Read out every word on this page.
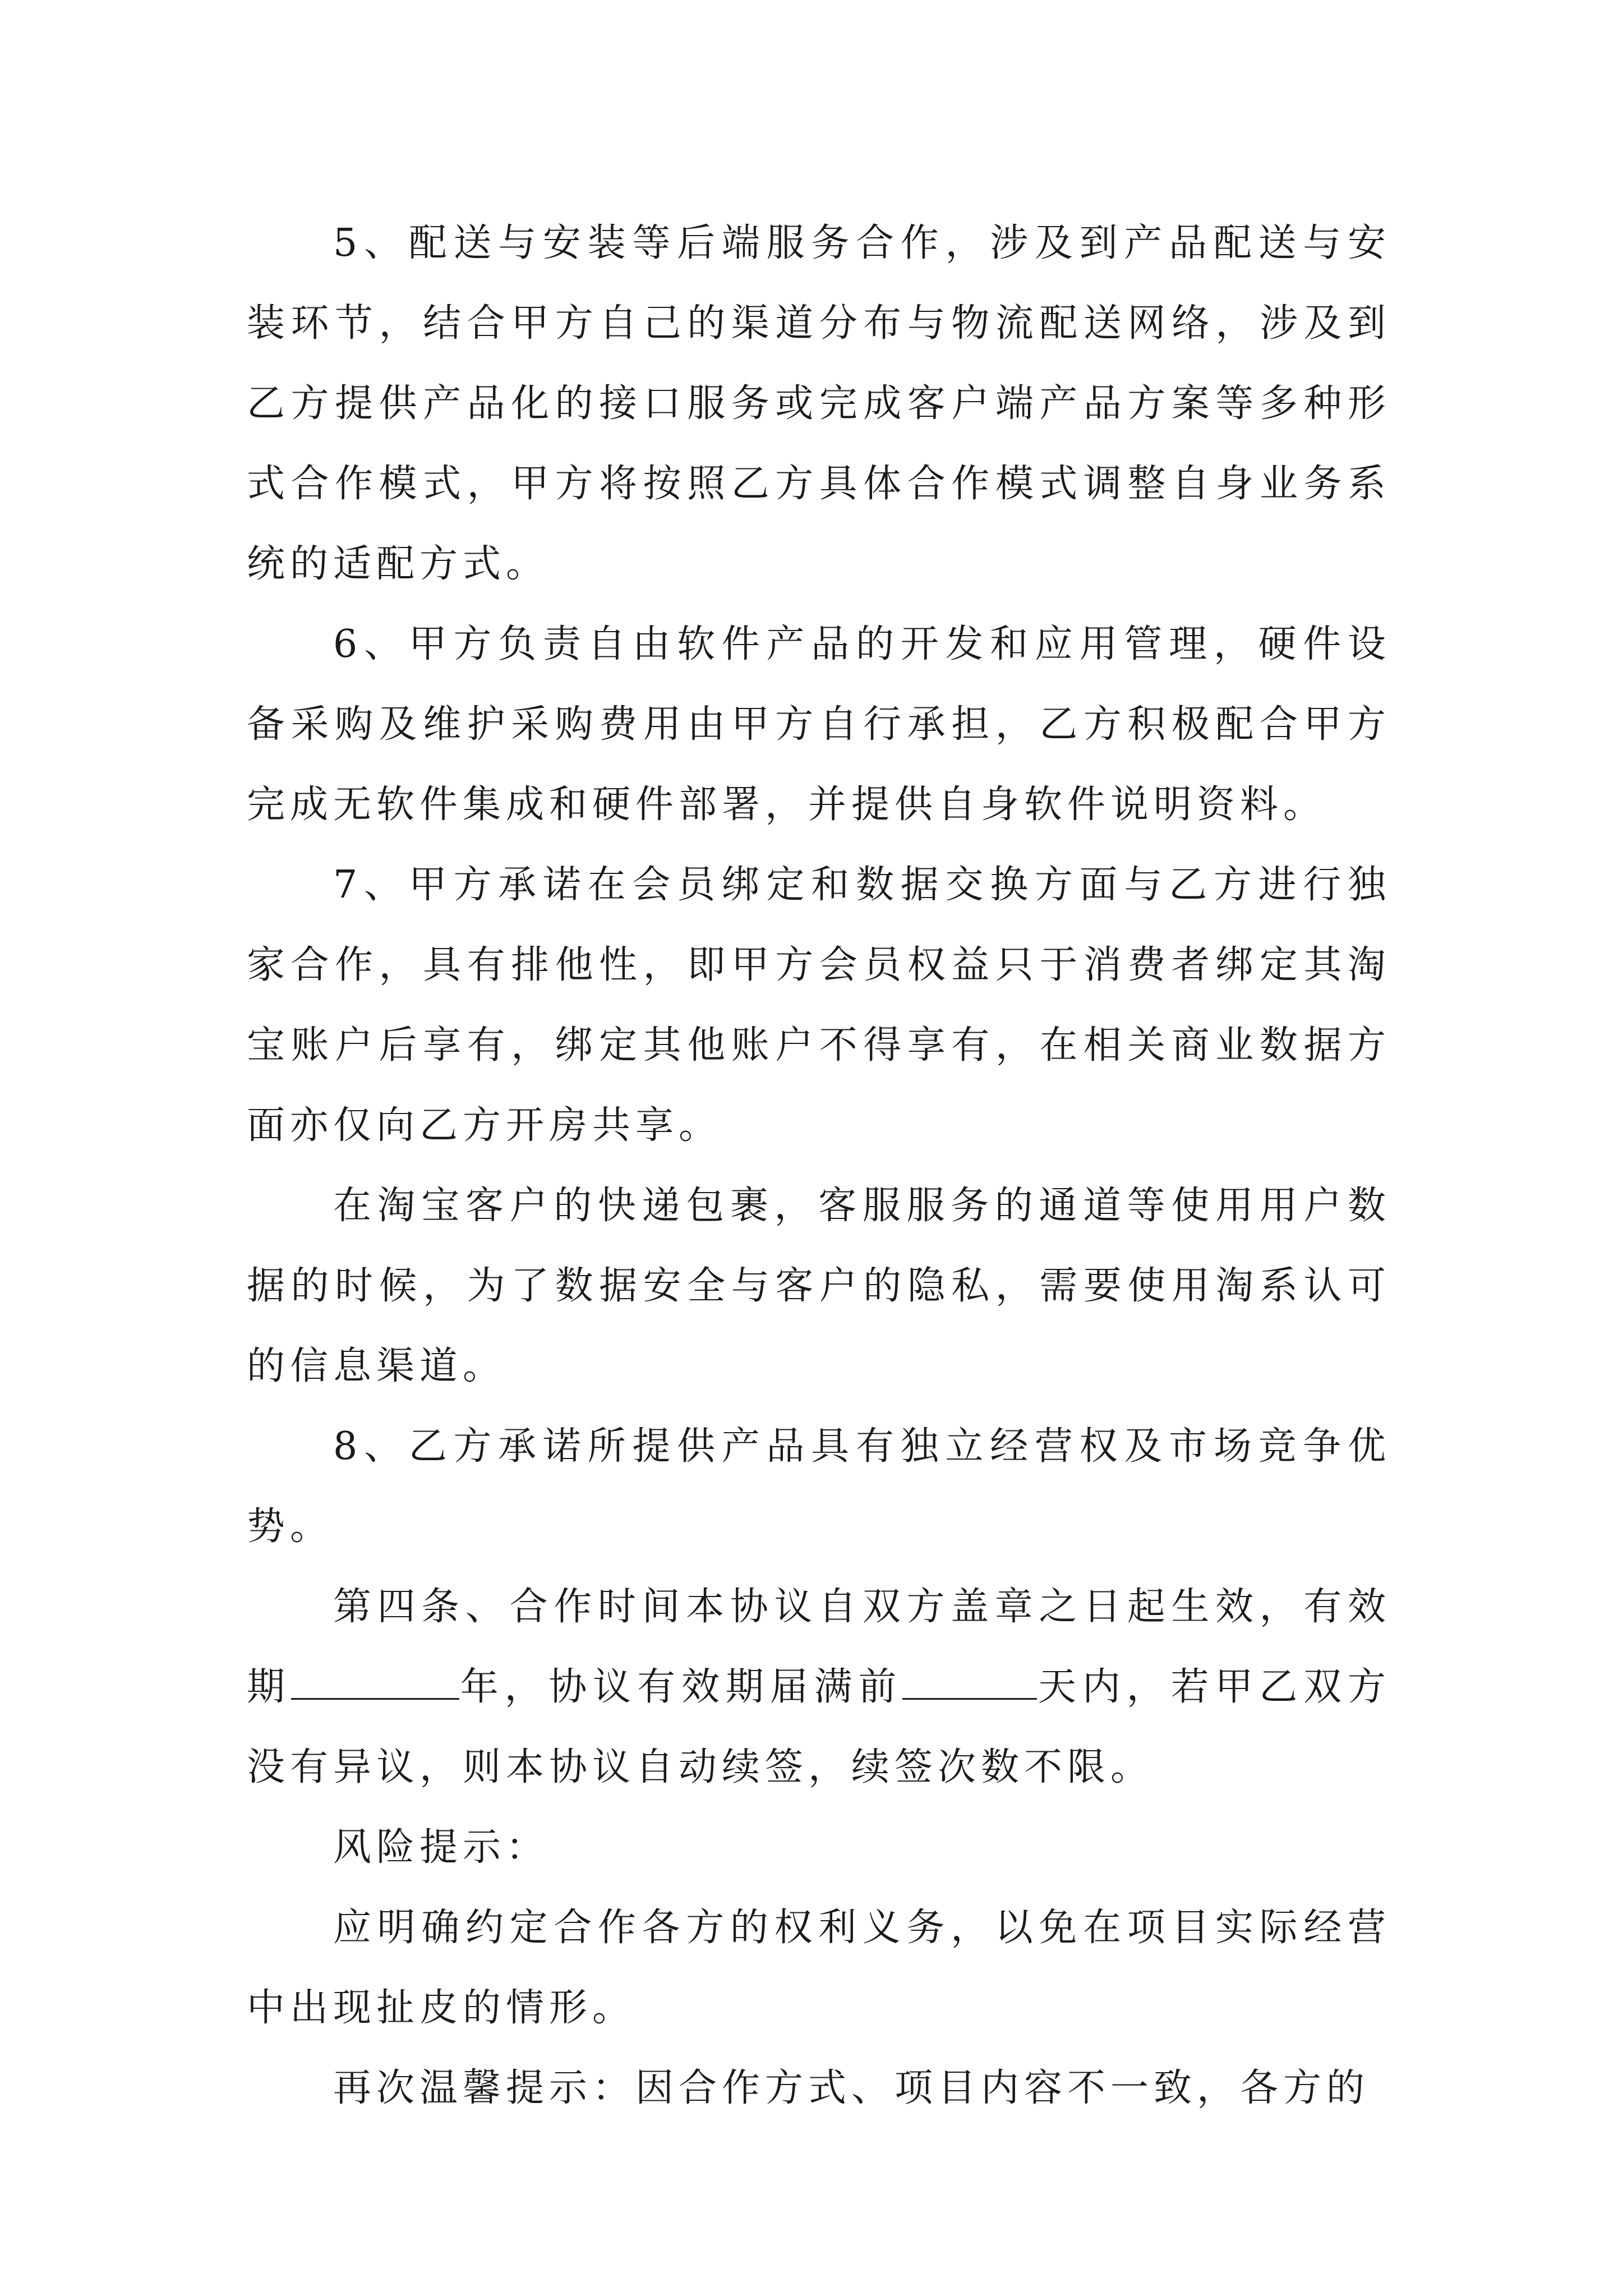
5、配送与安装等后端服务合作，涉及到产品配送与安装环节，结合甲方自己的渠道分布与物流配送网络，涉及到乙方提供产品化的接口服务或完成客户端产品方案等多种形式合作模式，甲方将按照乙方具体合作模式调整自身业务系统的适配方式。

6、甲方负责自由软件产品的开发和应用管理，硬件设备采购及维护采购费用由甲方自行承担，乙方积极配合甲方完成无软件集成和硬件部署，并提供自身软件说明资料。

7、甲方承诺在会员绑定和数据交换方面与乙方进行独家合作，具有排他性，即甲方会员权益只于消费者绑定其淘宝账户后享有，绑定其他账户不得享有，在相关商业数据方面亦仅向乙方开房共享。

在淘宝客户的快递包裹，客服服务的通道等使用用户数据的时候，为了数据安全与客户的隐私，需要使用淘系认可的信息渠道。

8、乙方承诺所提供产品具有独立经营权及市场竞争优势。

第四条、合作时间本协议自双方盖章之日起生效，有效期	年，协议有效期届满前	天内，若甲乙双方没有异议，则本协议自动续签，续签次数不限。

风险提示：

应明确约定合作各方的权利义务，以免在项目实际经营中出现扯皮的情形。

再次温馨提示：因合作方式、项目内容不一致，各方的
